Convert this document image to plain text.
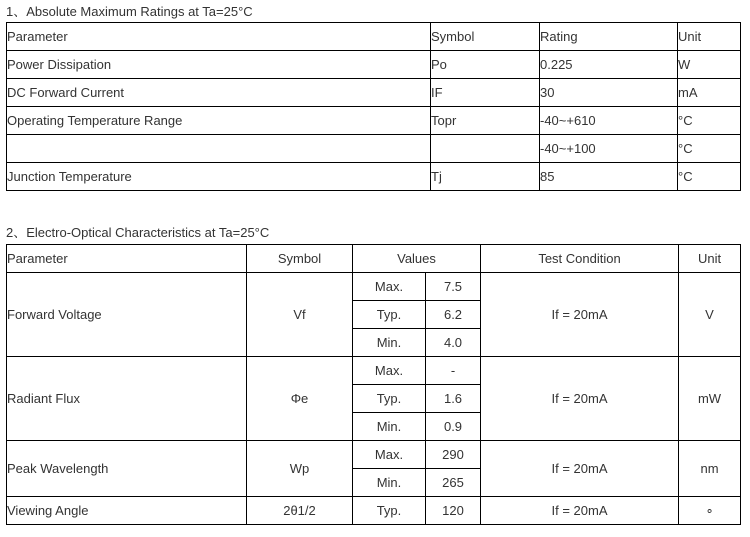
1、Absolute Maximum Ratings at Ta=25°C
Parameter	Symbol	Rating	Unit
Power Dissipation	Po	0.225	W
DC Forward Current	IF	30	mA
Operating Temperature Range	Topr	-40~+610	°C
		-40~+100	°C
Junction Temperature	Tj	85	°C
2、Electro-Optical Characteristics at Ta=25°C
Parameter	Symbol	Values		Test Condition	Unit
Forward Voltage	Vf	Max.	7.5	If = 20mA	V
		Typ.	6.2		
		Min.	4.0		
Radiant Flux	Φe	Max.	-	If = 20mA	mW
		Typ.	1.6		
		Min.	0.9		
Peak Wavelength	Wp	Max.	290	If = 20mA	nm
		Min.	265		
Viewing Angle	2θ1/2	Typ.	120	If = 20mA	∘
